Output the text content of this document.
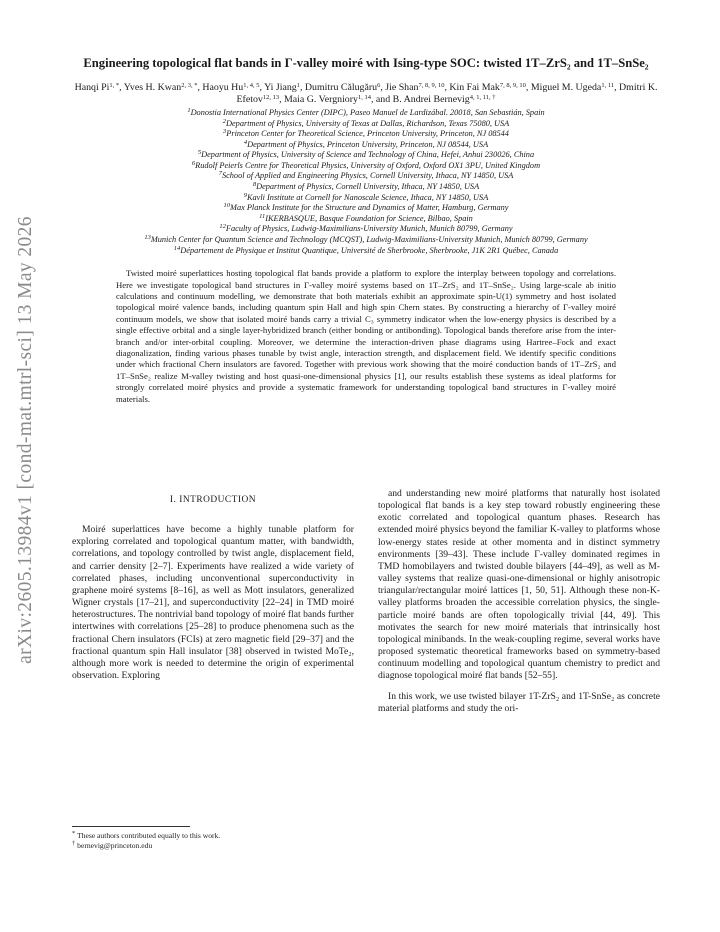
arXiv:2605.13984v1 [cond-mat.mtrl-sci] 13 May 2026
Engineering topological flat bands in Γ-valley moiré with Ising-type SOC: twisted 1T–ZrS₂ and 1T–SnSe₂

Hanqi $Pi^{1, *}$, Yves H. Kwan$^{2, 3, *}$, Haoyu Hu$^{1, 4, 5}$, Yi Jiang$^1$, Dumitru Călugăru$^6$, Jie Shan$^{7, 8, 9, 10}$, Kin Fai Mak$^{7, 8, 9, 10}$, Miguel M. Ugeda$^{1, 11}$, Dmitri K. Efetov$^{12, 13}$, Maia G. Vergniory$^{1, 14}$, and B. Andrei Bernevig$^{4, 1, 11, \dagger}$

$^1$Donostia International Physics Center (DIPC), Paseo Manuel de Lardizábal. 20018, San Sebastián, Spain
$^2$Department of Physics, University of Texas at Dallas, Richardson, Texas 75080, USA
$^3$Princeton Center for Theoretical Science, Princeton University, Princeton, NJ 08544
$^4$Department of Physics, Princeton University, Princeton, NJ 08544, USA
$^5$Department of Physics, University of Science and Technology of China, Hefei, Anhui 230026, China
$^6$Rudolf Peierls Centre for Theoretical Physics, University of Oxford, Oxford OX1 3PU, United Kingdom
$^7$School of Applied and Engineering Physics, Cornell University, Ithaca, NY 14850, USA
$^8$Department of Physics, Cornell University, Ithaca, NY 14850, USA
$^9$Kavli Institute at Cornell for Nanoscale Science, Ithaca, NY 14850, USA
$^{10}$Max Planck Institute for the Structure and Dynamics of Matter, Hamburg, Germany
$^{11}$IKERBASQUE, Basque Foundation for Science, Bilbao, Spain
$^{12}$Faculty of Physics, Ludwig-Maximilians-University Munich, Munich 80799, Germany
$^{13}$Munich Center for Quantum Science and Technology (MCQST), Ludwig-Maximilians-University Munich, Munich 80799, Germany
$^{14}$Département de Physique et Institut Quantique, Université de Sherbrooke, Sherbrooke, J1K 2R1 Québec, Canada

Twisted moiré superlattices hosting topological flat bands provide a platform to explore the interplay between topology and correlations. Here we investigate topological band structures in Γ-valley moiré systems based on 1T–ZrS₂ and 1T–SnSe₂. Using large-scale ab initio calculations and continuum modelling, we demonstrate that both materials exhibit an approximate spin-U(1) symmetry and host isolated topological moiré valence bands, including quantum spin Hall and high spin Chern states. By constructing a hierarchy of Γ-valley moiré continuum models, we show that isolated moiré bands carry a trivial C₃ symmetry indicator when the low-energy physics is described by a single effective orbital and a single layer-hybridized branch (either bonding or antibonding). Topological bands therefore arise from the inter-branch and/or inter-orbital coupling. Moreover, we determine the interaction-driven phase diagrams using Hartree–Fock and exact diagonalization, finding various phases tunable by twist angle, interaction strength, and displacement field. We identify specific conditions under which fractional Chern insulators are favored. Together with previous work showing that the moiré conduction bands of 1T–ZrS₂ and 1T–SnSe₂ realize M-valley twisting and host quasi-one-dimensional physics [1], our results establish these systems as ideal platforms for strongly correlated moiré physics and provide a systematic framework for understanding topological band structures in Γ-valley moiré materials.

I. INTRODUCTION

Moiré superlattices have become a highly tunable platform for exploring correlated and topological quantum matter, with bandwidth, correlations, and topology controlled by twist angle, displacement field, and carrier density [2–7]. Experiments have realized a wide variety of correlated phases, including unconventional superconductivity in graphene moiré systems [8–16], as well as Mott insulators, generalized Wigner crystals [17–21], and superconductivity [22–24] in TMD moiré heterostructures. The nontrivial band topology of moiré flat bands further intertwines with correlations [25–28] to produce phenomena such as the fractional Chern insulators (FCIs) at zero magnetic field [29–37] and the fractional quantum spin Hall insulator [38] observed in twisted MoTe₂, although more work is needed to determine the origin of experimental observation. Exploring

and understanding new moiré platforms that naturally host isolated topological flat bands is a key step toward robustly engineering these exotic correlated and topological quantum phases. Research has extended moiré physics beyond the familiar K-valley to platforms whose low-energy states reside at other momenta and in distinct symmetry environments [39–43]. These include Γ-valley dominated regimes in TMD homobilayers and twisted double bilayers [44–49], as well as M-valley systems that realize quasi-one-dimensional or highly anisotropic triangular/rectangular moiré lattices [1, 50, 51]. Although these non-K-valley platforms broaden the accessible correlation physics, the single-particle moiré bands are often topologically trivial [44, 49]. This motivates the search for new moiré materials that intrinsically host topological minibands. In the weak-coupling regime, several works have proposed systematic theoretical frameworks based on symmetry-based continuum modelling and topological quantum chemistry to predict and diagnose topological moiré flat bands [52–55].

In this work, we use twisted bilayer 1T-ZrS₂ and 1T-SnSe₂ as concrete material platforms and study the ori-

* These authors contributed equally to this work.
† bernevig@princeton.edu
